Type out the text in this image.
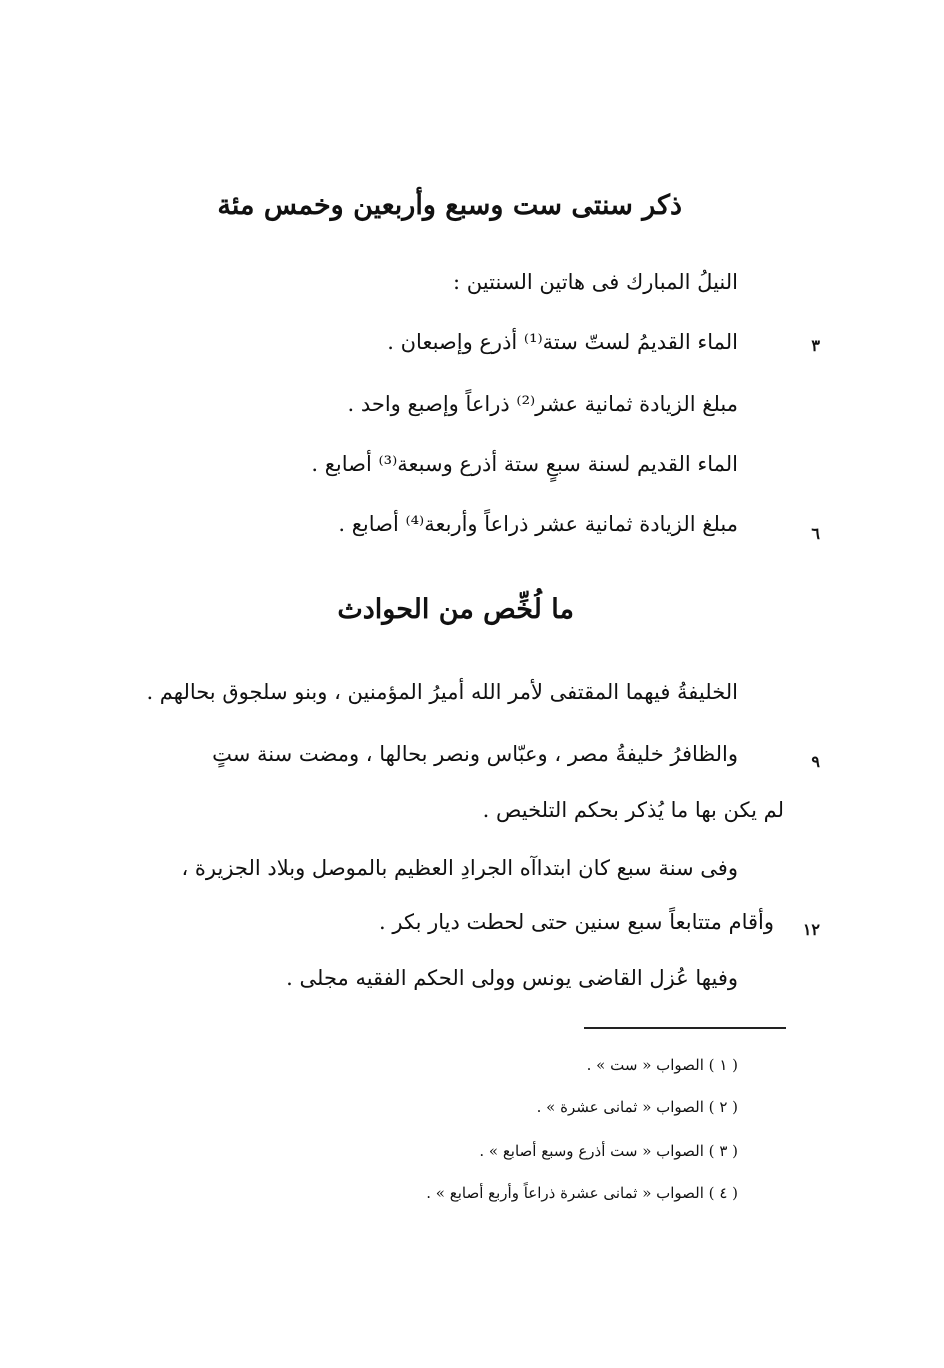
ذكر سنتى ست وسبع وأربعين وخمس مئة
النيلُ المبارك فى هاتين السنتين :
٣
الماء القديمُ لستّ ستة⁽¹⁾ أذرع وإصبعان .
مبلغ الزيادة ثمانية عشر⁽²⁾ ذراعاً وإصبع واحد .
الماء القديم لسنة سبعٍ ستة أذرع وسبعة⁽³⁾ أصابع .
٦
مبلغ الزيادة ثمانية عشر ذراعاً وأربعة⁽⁴⁾ أصابع .
ما لُخِّص من الحوادث
الخليفةُ فيهما المقتفى لأمر الله أميرُ المؤمنين ، وبنو سلجوق بحالهم .
٩
والظافرُ خليفةُ مصر ، وعبّاس ونصر بحالها ، ومضت سنة ستٍ
لم يكن بها ما يُذكر بحكم التلخيص .
وفى سنة سبع كان ابتداآه الجرادِ العظيم بالموصل وبلاد الجزيرة ،
١٢
وأقام متتابعاً سبع سنين حتى لحطت ديار بكر .
وفيها عُزل القاضى يونس وولى الحكم الفقيه مجلى .
( ١ ) الصواب « ست » .
( ٢ ) الصواب « ثمانى عشرة » .
( ٣ ) الصواب « ست أذرع وسبع أصابع » .
( ٤ ) الصواب « ثمانى عشرة ذراعاً وأربع أصابع » .
